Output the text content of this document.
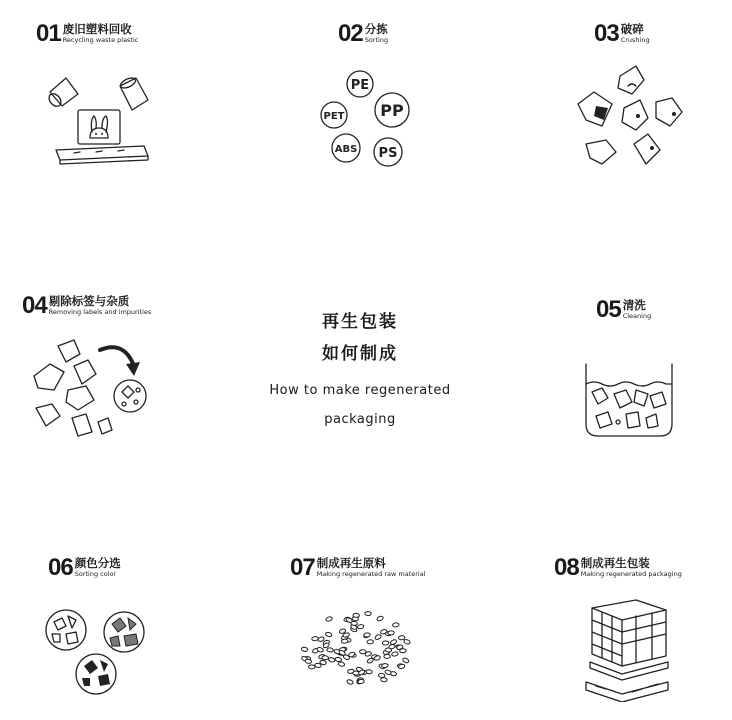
01 废旧塑料回收
Recycling waste plastic	02 分拣
Sorting
PE
PET PP
ABS PS
03 破碎
Crushing
04 剔除标签与杂质
Removing labels and impurities	再生包装
如何制成
How to make regenerated
packaging
05 清洗
Cleaning
06 颜色分选
Sorting color	07 制成再生原料
Making regenerated raw material	08 制成再生包装
Making regenerated packaging
